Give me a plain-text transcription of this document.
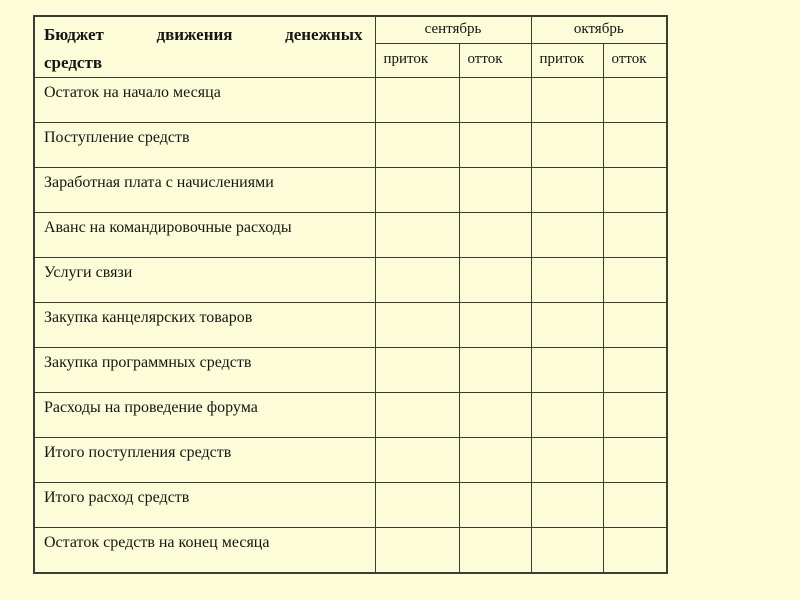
Бюджет движения денежных
средств	сентябрь		октябрь	
	приток	отток	приток	отток
Остаток на начало месяца				
Поступление средств				
Заработная плата с начислениями				
Аванс на командировочные расходы				
Услуги связи				
Закупка канцелярских товаров				
Закупка программных средств				
Расходы на проведение форума				
Итого поступления средств				
Итого расход средств				
Остаток средств на конец месяца				
